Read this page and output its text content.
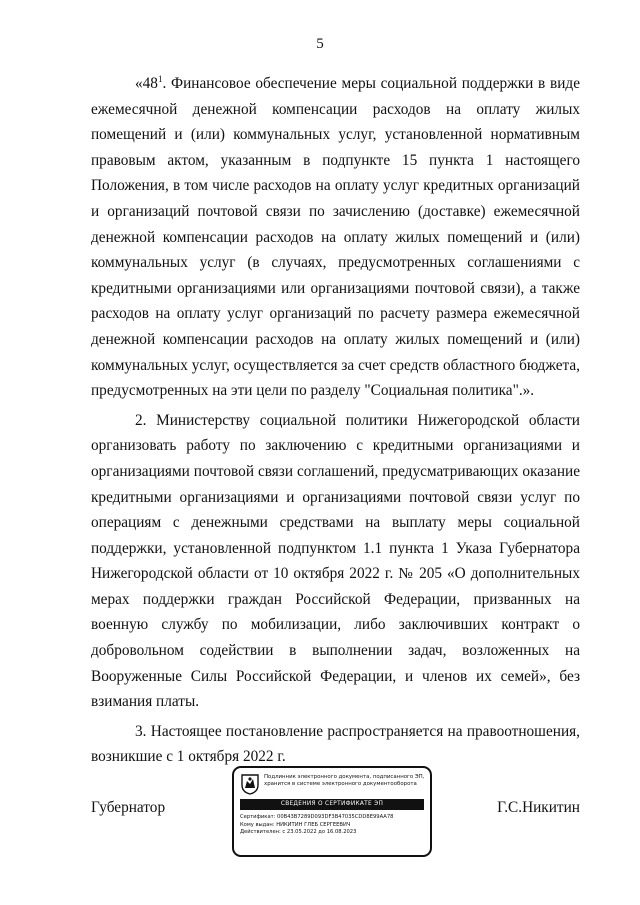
5

«$48^1$. Финансовое обеспечение меры социальной поддержки в виде ежемесячной денежной компенсации расходов на оплату жилых помещений и (или) коммунальных услуг, установленной нормативным правовым актом, указанным в подпункте 15 пункта 1 настоящего Положения, в том числе расходов на оплату услуг кредитных организаций и организаций почтовой связи по зачислению (доставке) ежемесячной денежной компенсации расходов на оплату жилых помещений и (или) коммунальных услуг (в случаях, предусмотренных соглашениями с кредитными организациями или организациями почтовой связи), а также расходов на оплату услуг организаций по расчету размера ежемесячной денежной компенсации расходов на оплату жилых помещений и (или) коммунальных услуг, осуществляется за счет средств областного бюджета, предусмотренных на эти цели по разделу "Социальная политика".».

2. Министерству социальной политики Нижегородской области организовать работу по заключению с кредитными организациями и организациями почтовой связи соглашений, предусматривающих оказание кредитными организациями и организациями почтовой связи услуг по операциям с денежными средствами на выплату меры социальной поддержки, установленной подпунктом 1.1 пункта 1 Указа Губернатора Нижегородской области от 10 октября 2022 г. № 205 «О дополнительных мерах поддержки граждан Российской Федерации, призванных на военную службу по мобилизации, либо заключивших контракт о добровольном содействии в выполнении задач, возложенных на Вооруженные Силы Российской Федерации, и членов их семей», без взимания платы.

3. Настоящее постановление распространяется на правоотношения, возникшие с 1 октября 2022 г.

Губернатор	Г.С.Никитин
Подлинник электронного документа, подписанного ЭП, хранится в системе электронного документооборота
СВЕДЕНИЯ О СЕРТИФИКАТЕ ЭП
Сертификат: 00B43B7289D093DF3B47035CDD8E99AA78
Кому выдан: НИКИТИН ГЛЕБ СЕРГЕЕВИЧ
Действителен: с 23.05.2022 до 16.08.2023
